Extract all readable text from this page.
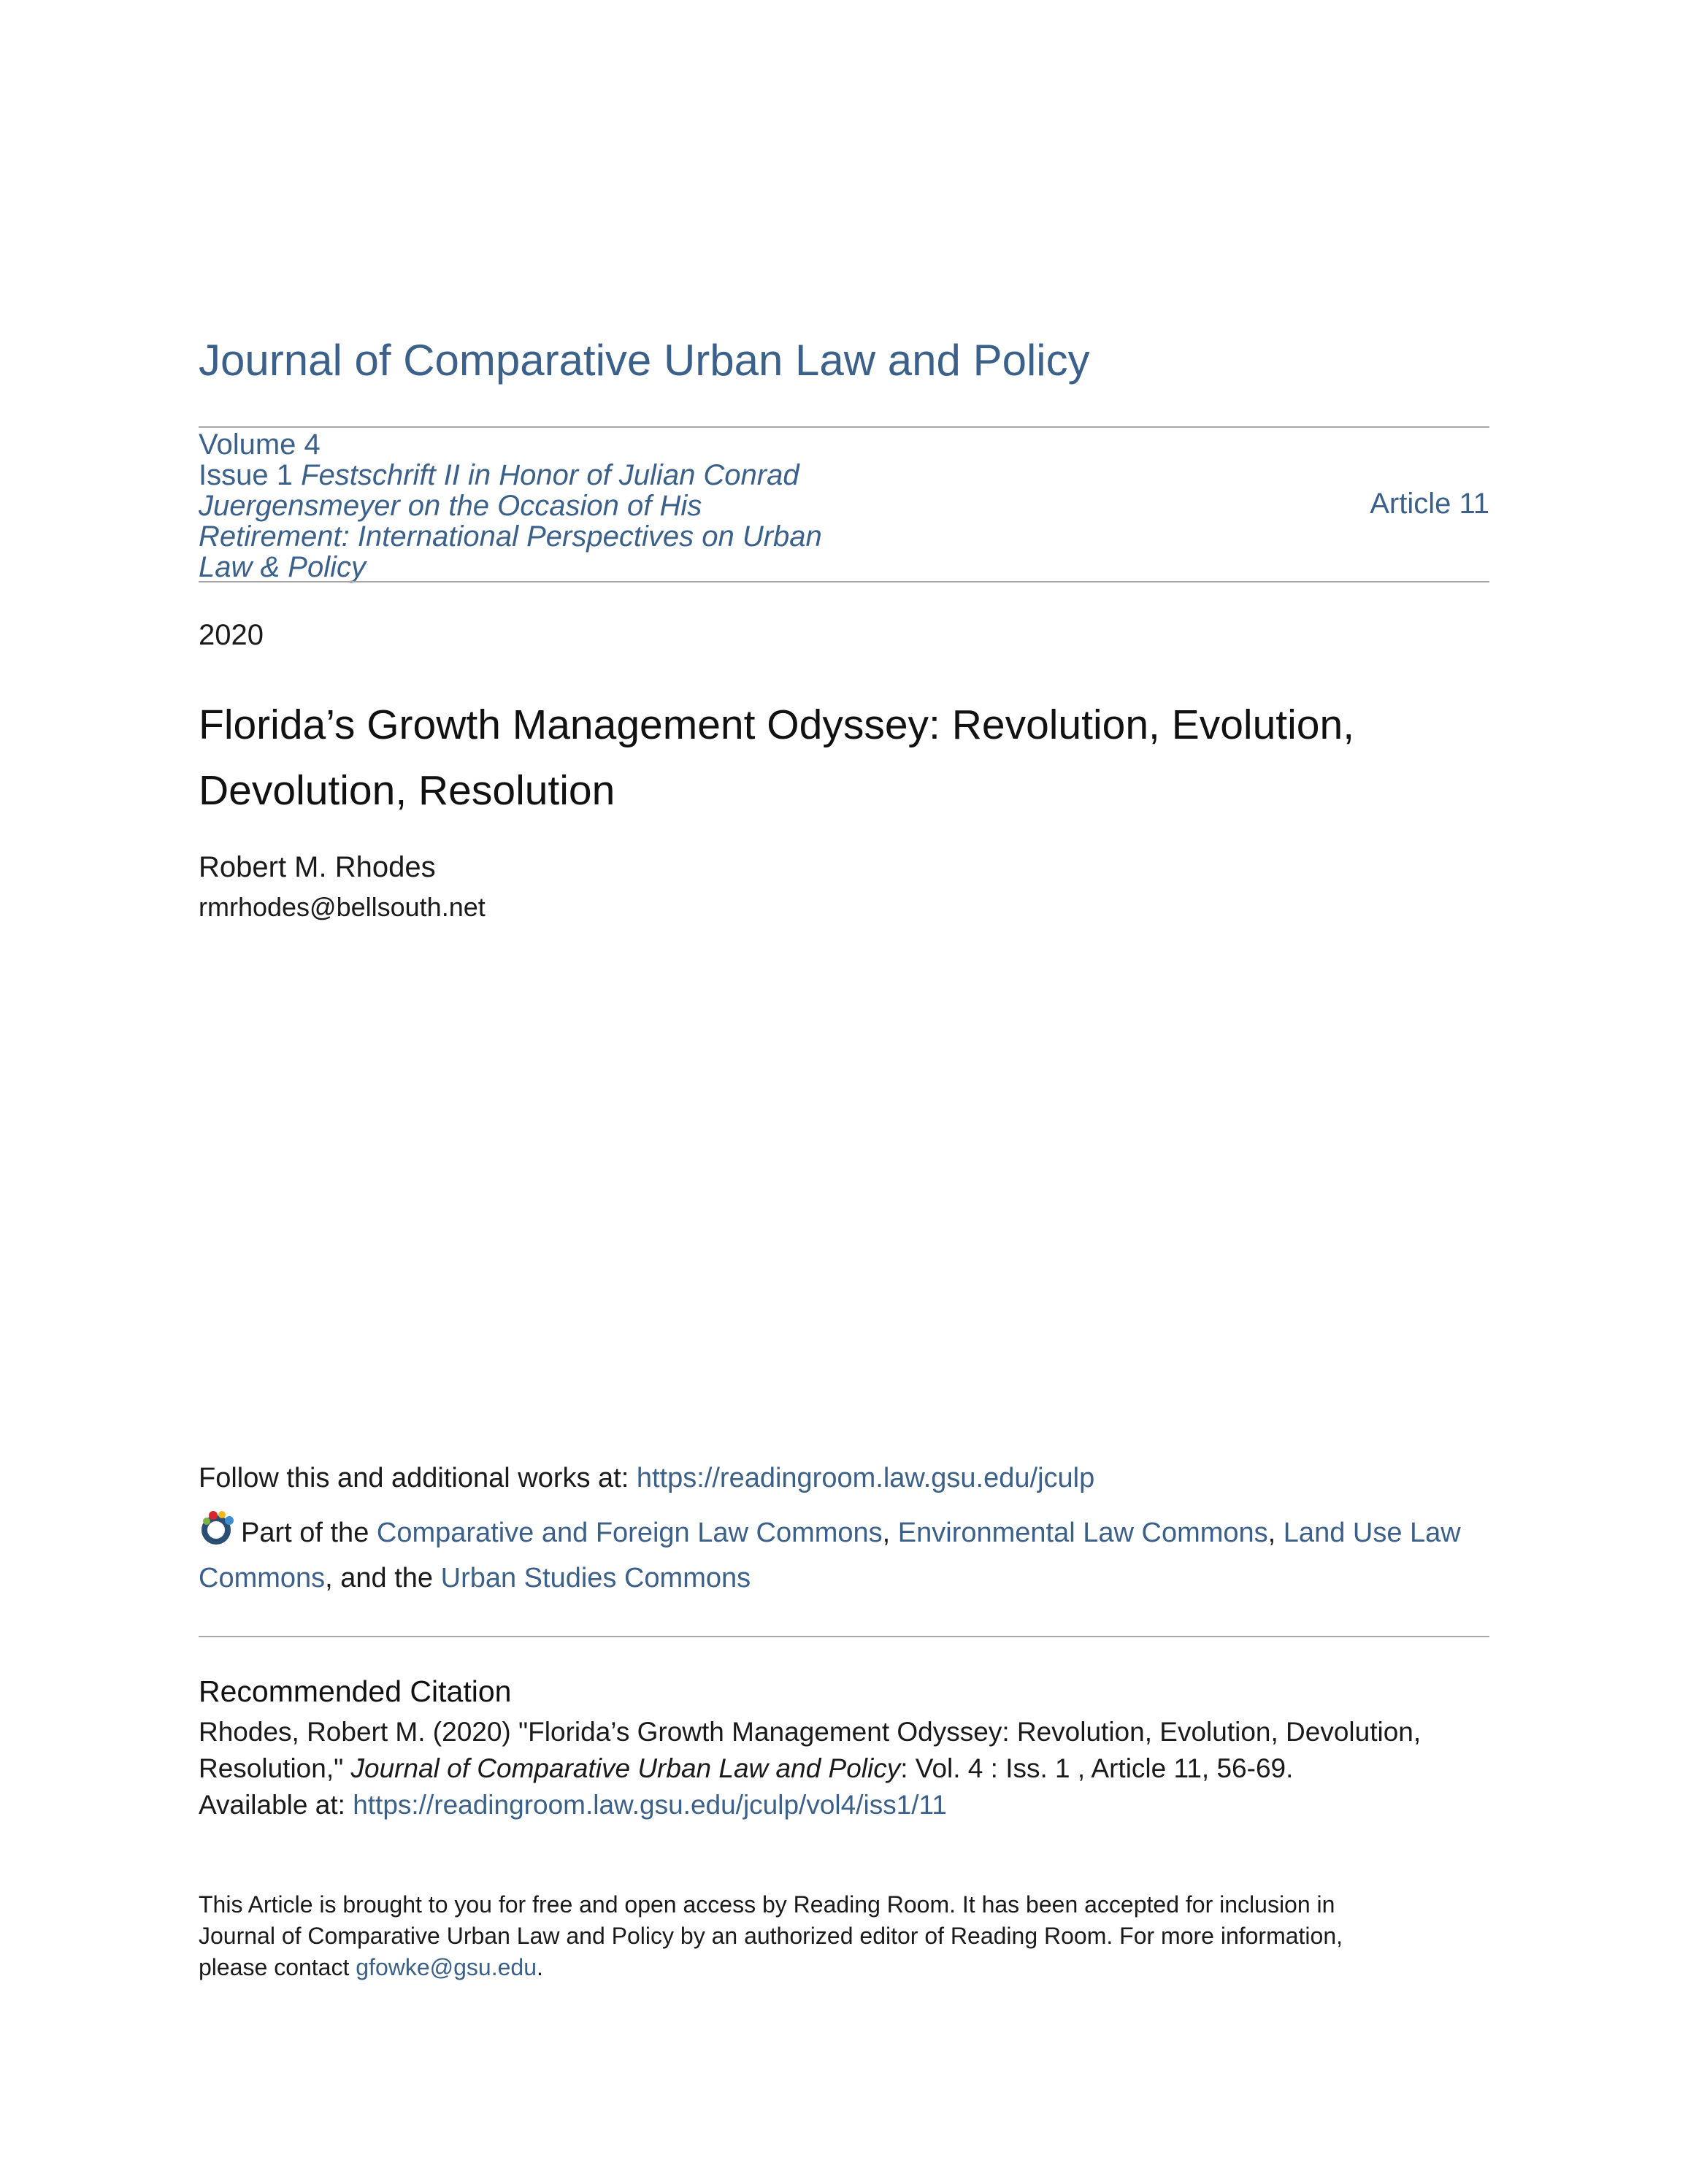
Journal of Comparative Urban Law and Policy
Volume 4
Issue 1 Festschrift II in Honor of Julian Conrad
Juergensmeyer on the Occasion of His
Retirement: International Perspectives on Urban
Law & Policy
Article 11
2020
Florida’s Growth Management Odyssey: Revolution, Evolution,
Devolution, Resolution
Robert M. Rhodes
rmrhodes@bellsouth.net
Follow this and additional works at: https://readingroom.law.gsu.edu/jculp
Part of the Comparative and Foreign Law Commons, Environmental Law Commons, Land Use Law Commons, and the Urban Studies Commons
Recommended Citation
Rhodes, Robert M. (2020) "Florida’s Growth Management Odyssey: Revolution, Evolution, Devolution,
Resolution," Journal of Comparative Urban Law and Policy: Vol. 4 : Iss. 1 , Article 11, 56-69.
Available at: https://readingroom.law.gsu.edu/jculp/vol4/iss1/11
This Article is brought to you for free and open access by Reading Room. It has been accepted for inclusion in
Journal of Comparative Urban Law and Policy by an authorized editor of Reading Room. For more information,
please contact gfowke@gsu.edu.
